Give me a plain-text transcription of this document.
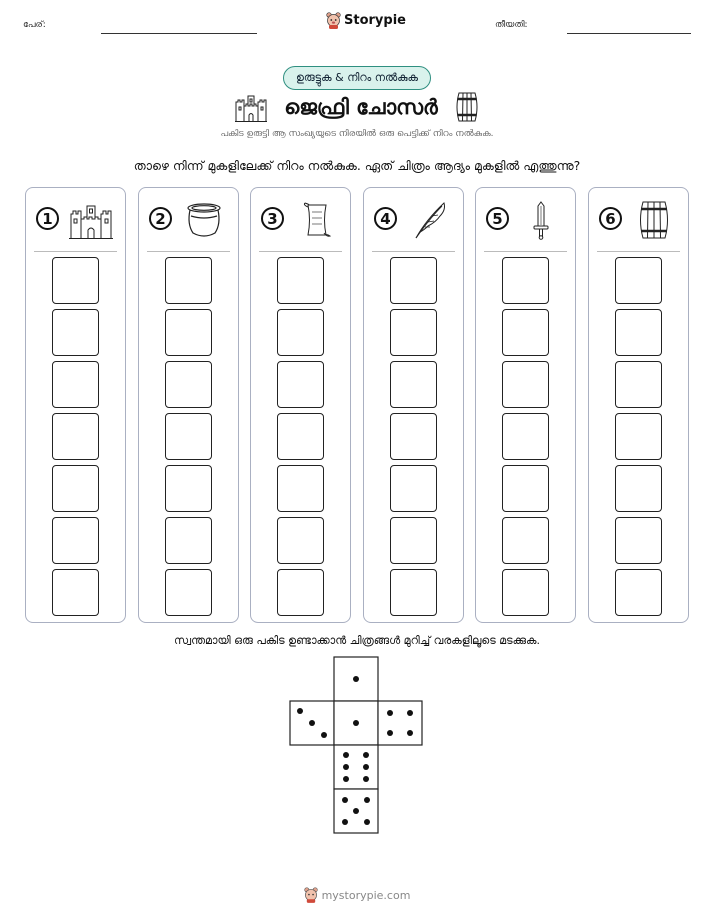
പേര്:	Storypie	തീയതി:
ഉരുട്ടുക & നിറം നൽകുക
ജെഫ്രി ചോസർ
പകിട ഉരുട്ടി ആ സംഖ്യയുടെ നിരയിൽ ഒരു പെട്ടിക്ക് നിറം നൽകുക.
താഴെ നിന്ന് മുകളിലേക്ക് നിറം നൽകുക. ഏത് ചിത്രം ആദ്യം മുകളിൽ എത്തുന്നു?
1	2	3	4	5	6
സ്വന്തമായി ഒരു പകിട ഉണ്ടാക്കാൻ ചിത്രങ്ങൾ മുറിച്ച് വരകളിലൂടെ മടക്കുക.
mystorypie.com
